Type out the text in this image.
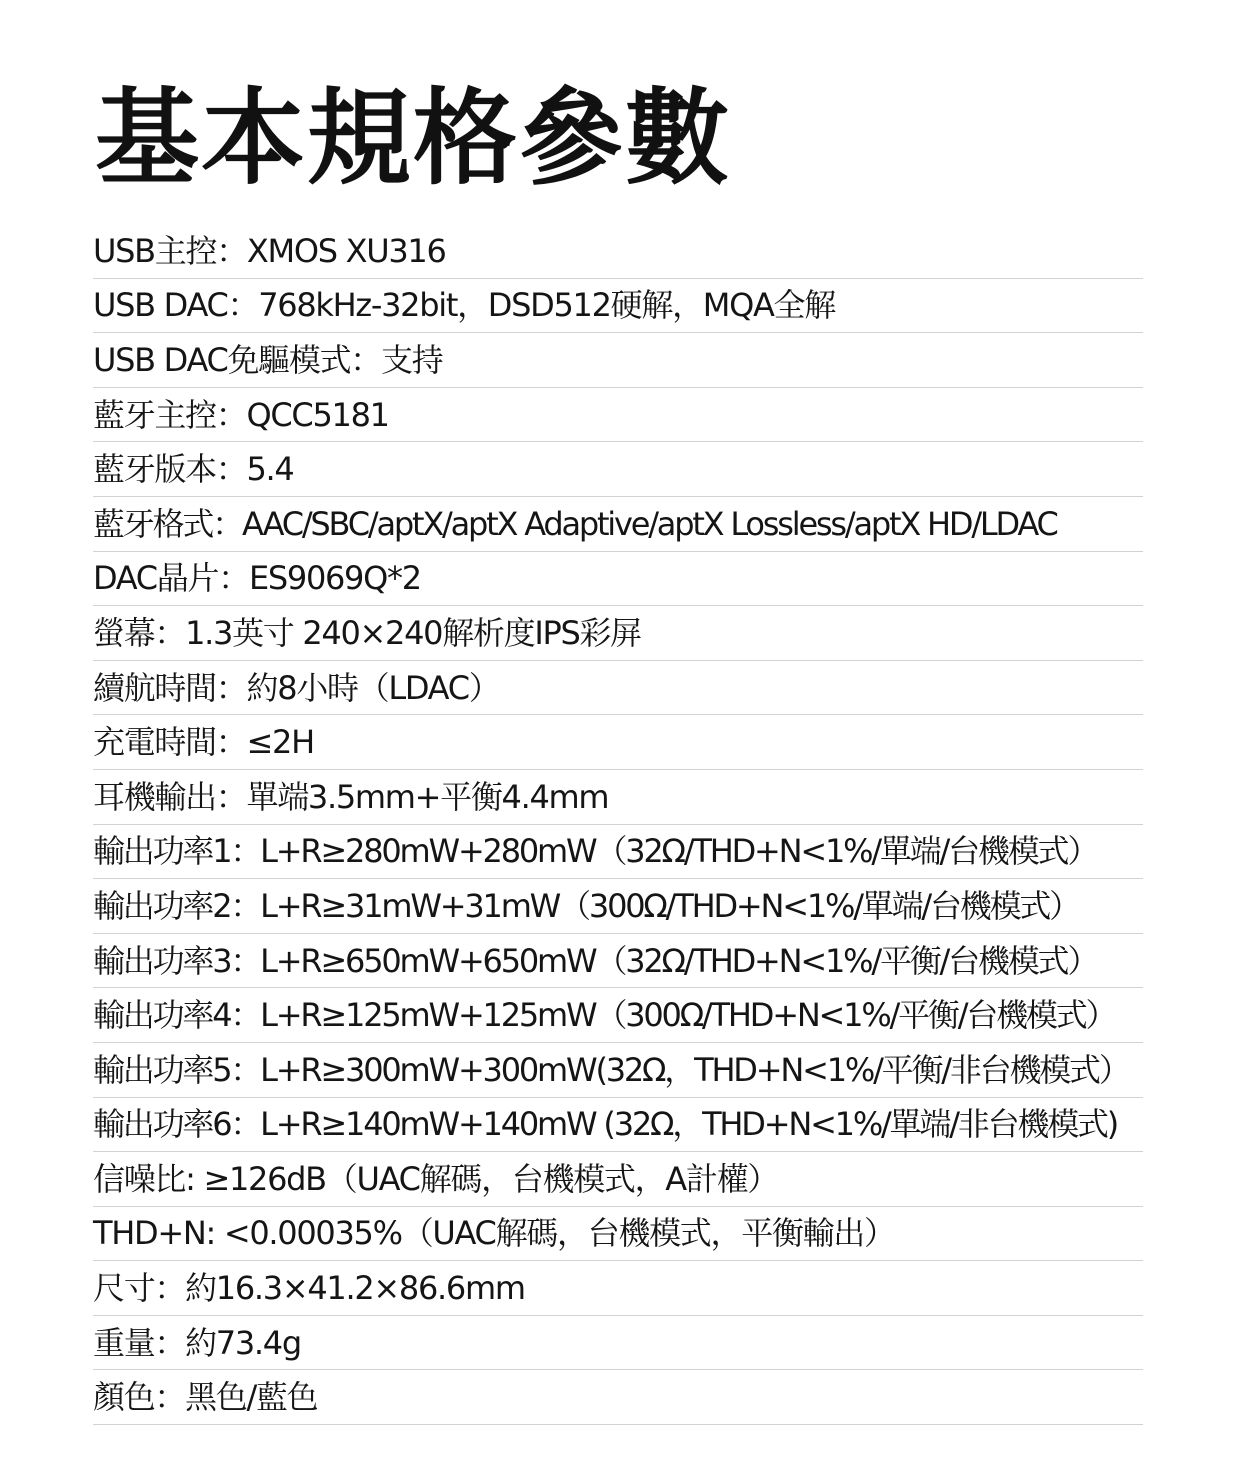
基本規格參數
USB主控：XMOS XU316
USB DAC：768kHz-32bit，DSD512硬解，MQA全解
USB DAC免驅模式：支持
藍牙主控：QCC5181
藍牙版本：5.4
藍牙格式：AAC/SBC/aptX/aptX Adaptive/aptX Lossless/aptX HD/LDAC
DAC晶片：ES9069Q*2
螢幕：1.3英寸 240×240解析度IPS彩屏
續航時間：約8小時（LDAC）
充電時間：≤2H
耳機輸出：單端3.5mm+平衡4.4mm
輸出功率1：L+R≥280mW+280mW（32Ω/THD+N<1%/單端/台機模式）
輸出功率2：L+R≥31mW+31mW（300Ω/THD+N<1%/單端/台機模式）
輸出功率3：L+R≥650mW+650mW（32Ω/THD+N<1%/平衡/台機模式）
輸出功率4：L+R≥125mW+125mW（300Ω/THD+N<1%/平衡/台機模式）
輸出功率5：L+R≥300mW+300mW(32Ω，THD+N<1%/平衡/非台機模式）
輸出功率6：L+R≥140mW+140mW (32Ω，THD+N<1%/單端/非台機模式)
信噪比: ≥126dB（UAC解碼，台機模式，A計權）
THD+N: <0.00035%（UAC解碼，台機模式，平衡輸出）
尺寸：約16.3×41.2×86.6mm
重量：約73.4g
顏色：黑色/藍色
